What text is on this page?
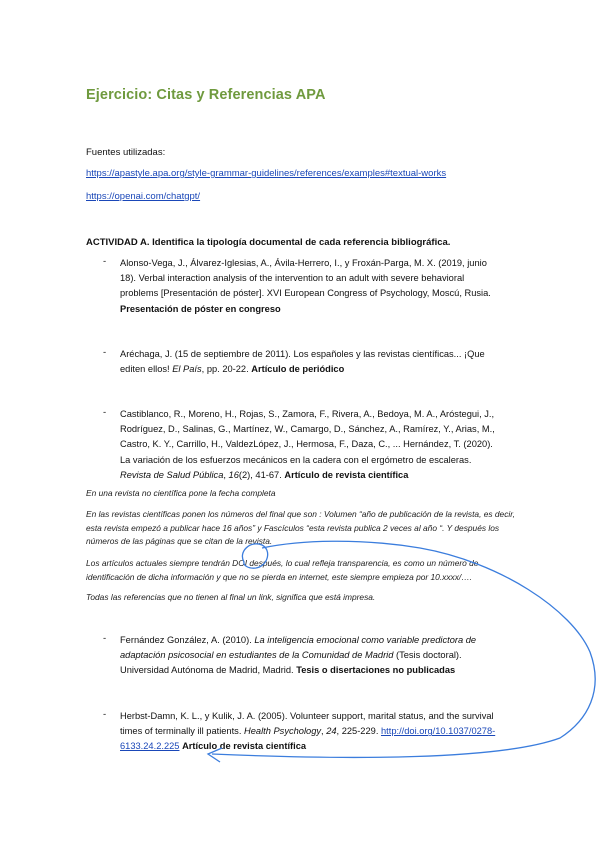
Ejercicio: Citas y Referencias APA
Fuentes utilizadas:
https://apastyle.apa.org/style-grammar-guidelines/references/examples#textual-works
https://openai.com/chatgpt/
ACTIVIDAD A. Identifica la tipología documental de cada referencia bibliográfica.
- Alonso-Vega, J., Álvarez-Iglesias, A., Ávila-Herrero, I., y Froxán-Parga, M. X. (2019, junio 18). Verbal interaction analysis of the intervention to an adult with severe behavioral problems [Presentación de póster]. XVI European Congress of Psychology, Moscú, Rusia. Presentación de póster en congreso
- Aréchaga, J. (15 de septiembre de 2011). Los españoles y las revistas científicas... ¡Que editen ellos! El País, pp. 20-22. Artículo de periódico
- Castiblanco, R., Moreno, H., Rojas, S., Zamora, F., Rivera, A., Bedoya, M. A., Aróstegui, J., Rodríguez, D., Salinas, G., Martínez, W., Camargo, D., Sánchez, A., Ramírez, Y., Arias, M., Castro, K. Y., Carrillo, H., ValdezLópez, J., Hermosa, F., Daza, C., ... Hernández, T. (2020). La variación de los esfuerzos mecánicos en la cadera con el ergómetro de escaleras. Revista de Salud Pública, 16(2), 41-67. Artículo de revista científica
En una revista no científica pone la fecha completa
En las revistas científicas ponen los números del final que son : Volumen “año de publicación de la revista, es decir, esta revista empezó a publicar hace 16 años” y Fascículos “esta revista publica 2 veces al año “. Y después los números de las páginas que se citan de la revista.
Los artículos actuales siempre tendrán DOI después, lo cual refleja transparencia, es como un número de identificación de dicha información y que no se pierda en internet, este siempre empieza por 10.xxxx/….
Todas las referencias que no tienen al final un link, significa que está impresa.
- Fernández González, A. (2010). La inteligencia emocional como variable predictora de adaptación psicosocial en estudiantes de la Comunidad de Madrid (Tesis doctoral). Universidad Autónoma de Madrid, Madrid. Tesis o disertaciones no publicadas
- Herbst-Damn, K. L., y Kulik, J. A. (2005). Volunteer support, marital status, and the survival times of terminally ill patients. Health Psychology, 24, 225-229. http://doi.org/10.1037/0278-6133.24.2.225 Artículo de revista científica
